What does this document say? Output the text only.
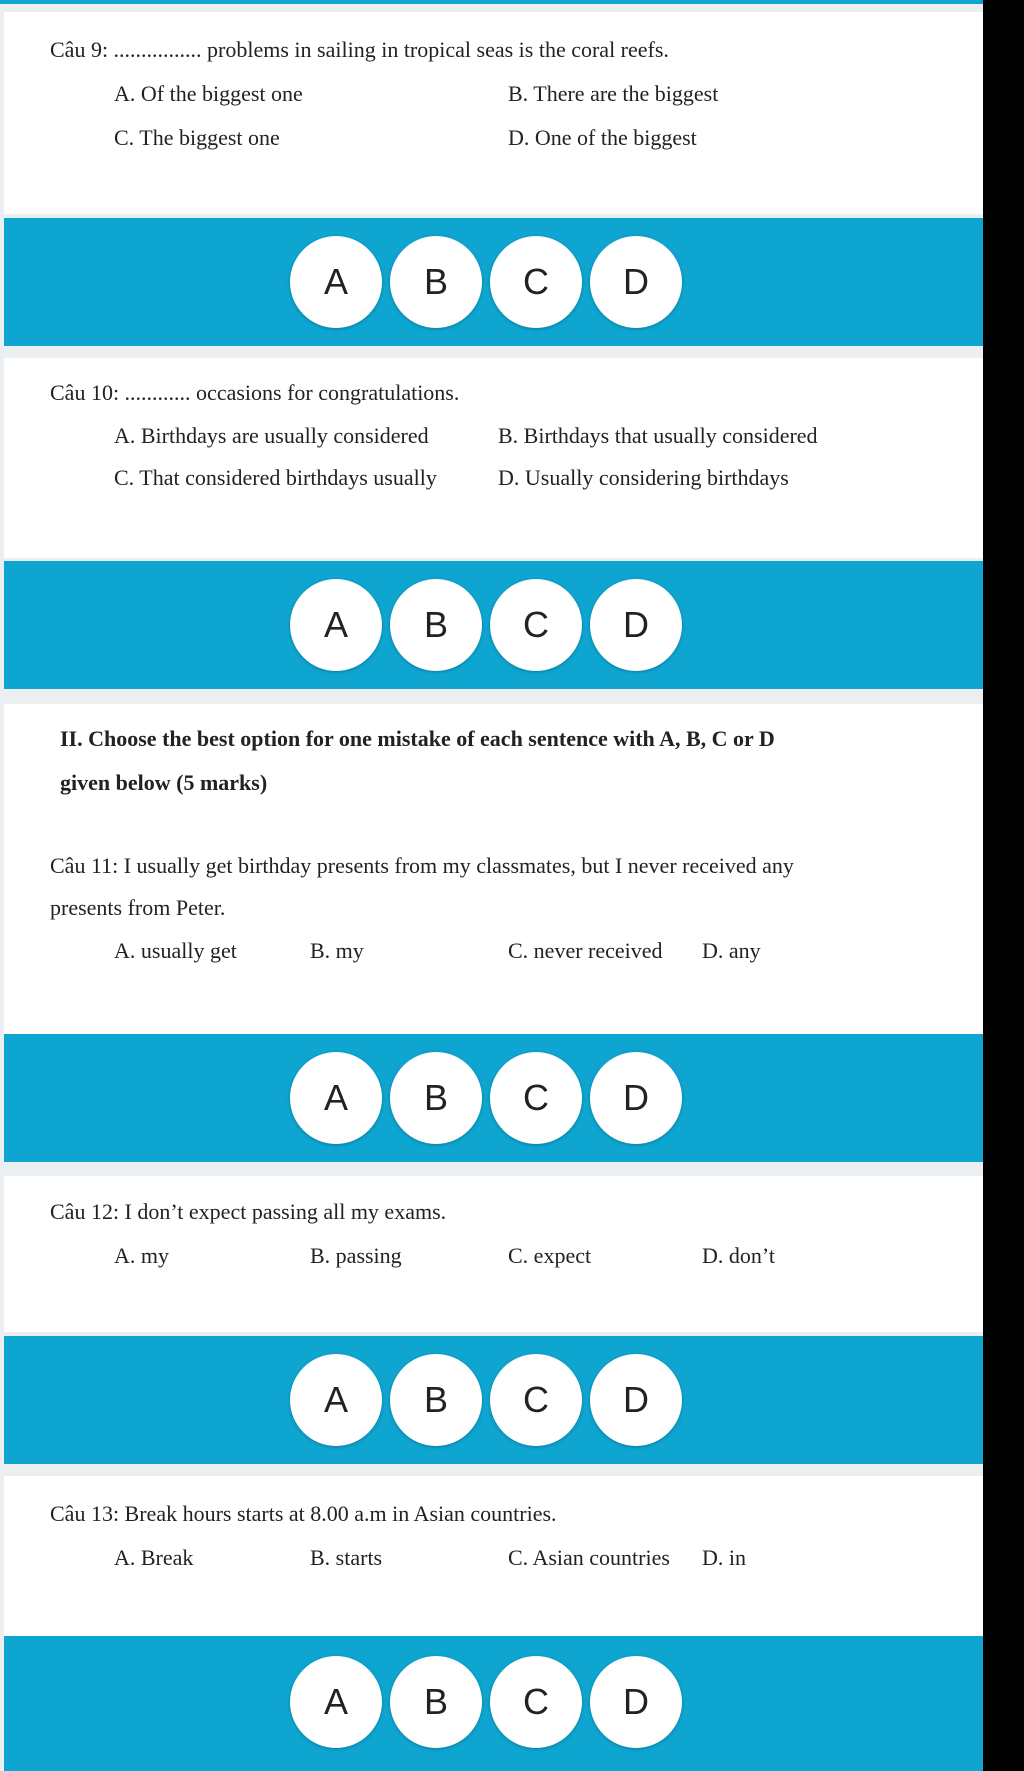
Câu 9: ................ problems in sailing in tropical seas is the coral reefs.
A. Of the biggest one	B. There are the biggest
C. The biggest one	D. One of the biggest
A	B	C	D
Câu 10: ............ occasions for congratulations.
A. Birthdays are usually considered	B. Birthdays that usually considered
C. That considered birthdays usually	D. Usually considering birthdays
A	B	C	D
II. Choose the best option for one mistake of each sentence with A, B, C or D
given below (5 marks)
Câu 11: I usually get birthday presents from my classmates, but I never received any
presents from Peter.
A. usually get	B. my	C. never received D. any
A	B	C	D
Câu 12: I don’t expect passing all my exams.
A. my	B. passing	C. expect	D. don’t
A	B	C	D
Câu 13: Break hours starts at 8.00 a.m in Asian countries.
A. Break	B. starts	C. Asian countries D. in
A	B	C	D
